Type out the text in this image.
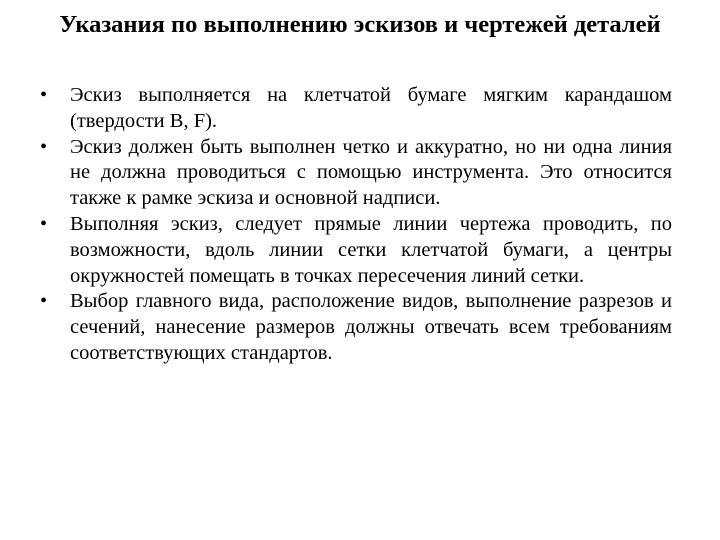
Указания по выполнению эскизов и чертежей деталей
•	Эскиз выполняется на клетчатой бумаге мягким карандашом (твердости B, F).
•	Эскиз должен быть выполнен четко и аккуратно, но ни одна линия не должна проводиться с помощью инструмента. Это относится также к рамке эскиза и основной надписи.
•	Выполняя эскиз, следует прямые линии чертежа проводить, по возможности, вдоль линии сетки клетчатой бумаги, а центры окружностей помещать в точках пересечения линий сетки.
•	Выбор главного вида, расположение видов, выполнение разрезов и сечений, нанесение размеров должны отвечать всем требованиям соответствующих стандартов.
